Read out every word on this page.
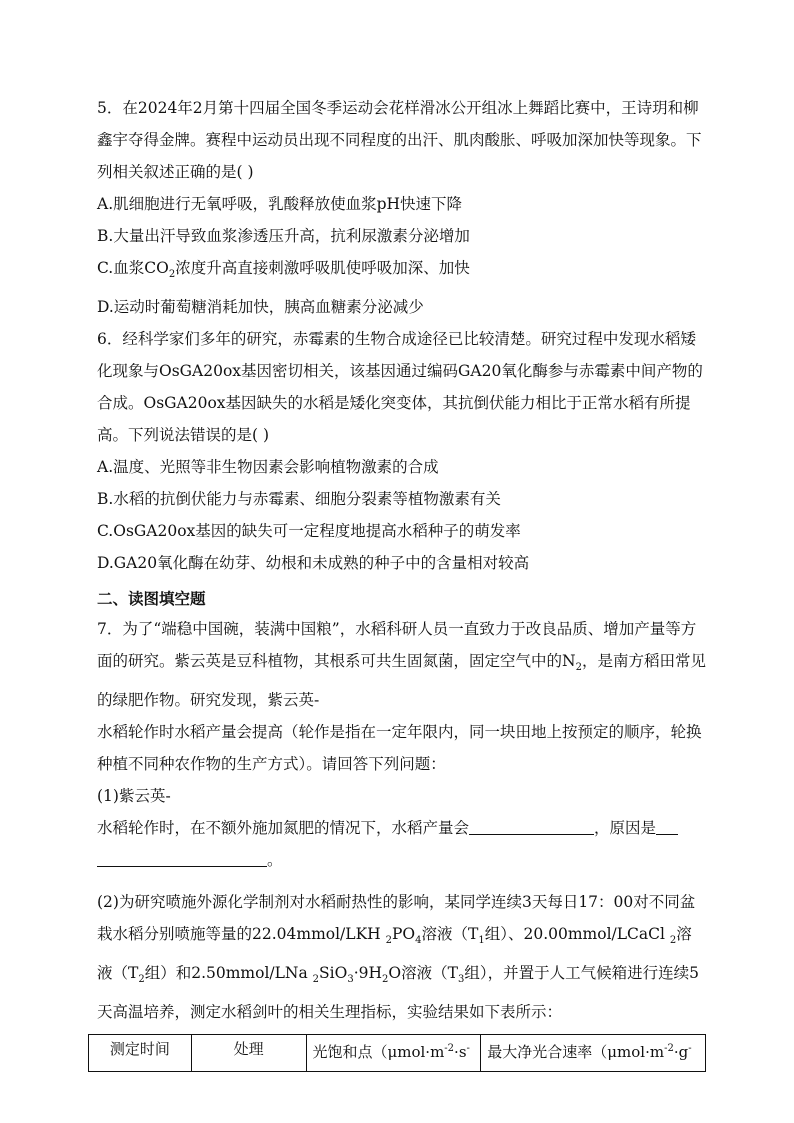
5．在2024年2月第十四届全国冬季运动会花样滑冰公开组冰上舞蹈比赛中，王诗玥和柳鑫宇夺得金牌。赛程中运动员出现不同程度的出汗、肌肉酸胀、呼吸加深加快等现象。下列相关叙述正确的是( )

A.肌细胞进行无氧呼吸，乳酸释放使血浆pH快速下降

B.大量出汗导致血浆渗透压升高，抗利尿激素分泌增加

C.血浆$CO_2$浓度升高直接刺激呼吸肌使呼吸加深、加快

D.运动时葡萄糖消耗加快，胰高血糖素分泌减少

6．经科学家们多年的研究，赤霉素的生物合成途径已比较清楚。研究过程中发现水稻矮化现象与OsGA20ox基因密切相关，该基因通过编码GA20氧化酶参与赤霉素中间产物的合成。OsGA20ox基因缺失的水稻是矮化突变体，其抗倒伏能力相比于正常水稻有所提高。下列说法错误的是( )

A.温度、光照等非生物因素会影响植物激素的合成

B.水稻的抗倒伏能力与赤霉素、细胞分裂素等植物激素有关

C.OsGA20ox基因的缺失可一定程度地提高水稻种子的萌发率

D.GA20氧化酶在幼芽、幼根和未成熟的种子中的含量相对较高

二、读图填空题

7．为了“端稳中国碗，装满中国粮”，水稻科研人员一直致力于改良品质、增加产量等方面的研究。紫云英是豆科植物，其根系可共生固氮菌，固定空气中的$N_2$，是南方稻田常见的绿肥作物。研究发现，紫云英-

水稻轮作时水稻产量会提高（轮作是指在一定年限内，同一块田地上按预定的顺序，轮换种植不同种农作物的生产方式）。请回答下列问题：

(1)紫云英-

水稻轮作时，在不额外施加氮肥的情况下，水稻产量会	，原因是
。

(2)为研究喷施外源化学制剂对水稻耐热性的影响，某同学连续3天每日17：00对不同盆栽水稻分别喷施等量的22.04mmol/LKH $_2PO_4$溶液（$T_1$组）、20.00mmol/LCaCl $_2$溶液（$T_2$组）和2.50mmol/LNa $_2SiO_3\cdot 9H_2O$溶液（$T_3$组），并置于人工气候箱进行连续5天高温培养，测定水稻剑叶的相关生理指标，实验结果如下表所示：

测定时间	处理	光饱和点（$\mu mol\cdot m^{-2}\cdot s^-$	最大净光合速率（$\mu mol\cdot m^{-2}\cdot g^-$
